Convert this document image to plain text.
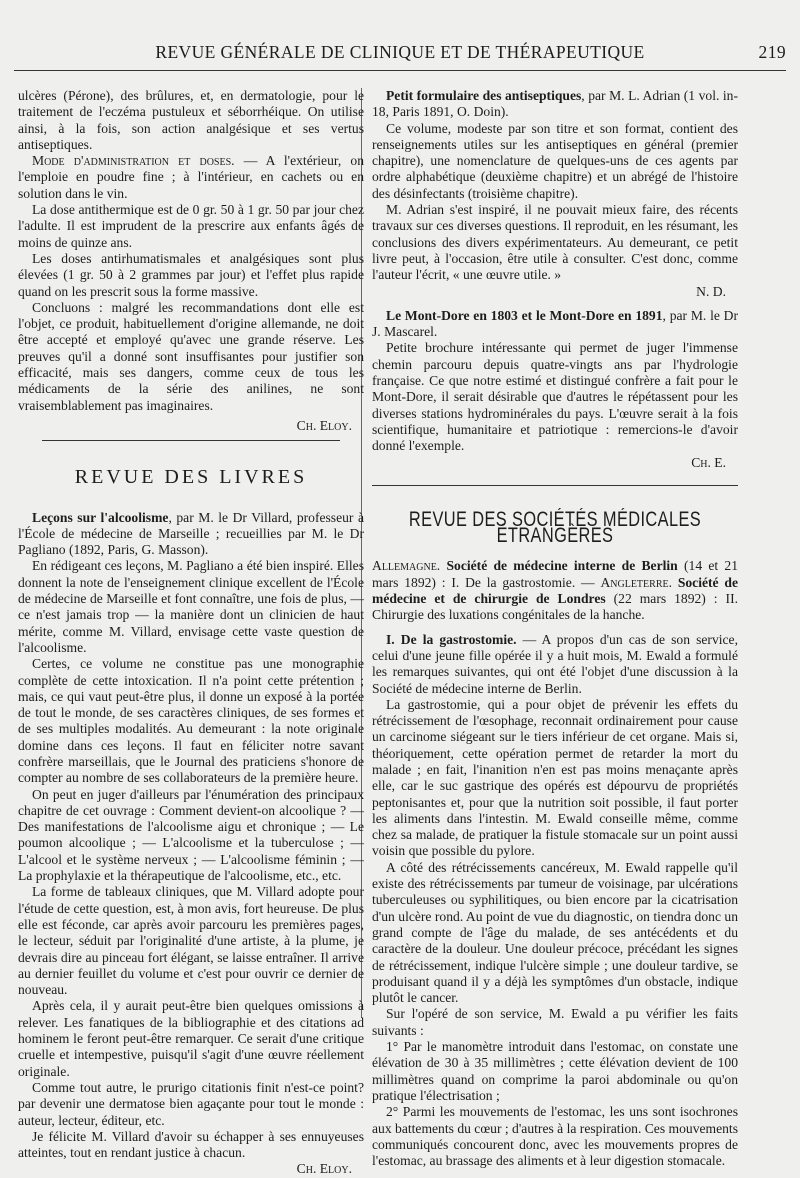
REVUE GÉNÉRALE DE CLINIQUE ET DE THÉRAPEUTIQUE	219

ulcères (Pérone), des brûlures, et, en dermatologie, pour le traitement de l'eczéma pustuleux et séborrhéique. On utilise ainsi, à la fois, son action analgésique et ses vertus antiseptiques.

Mode d'administration et doses. — A l'extérieur, on l'emploie en poudre fine ; à l'intérieur, en cachets ou en solution dans le vin.

La dose antithermique est de 0 gr. 50 à 1 gr. 50 par jour chez l'adulte. Il est imprudent de la prescrire aux enfants âgés de moins de quinze ans.

Les doses antirhumatismales et analgésiques sont plus élevées (1 gr. 50 à 2 grammes par jour) et l'effet plus rapide quand on les prescrit sous la forme massive.

Concluons : malgré les recommandations dont elle est l'objet, ce produit, habituellement d'origine allemande, ne doit être accepté et employé qu'avec une grande réserve. Les preuves qu'il a donné sont insuffisantes pour justifier son efficacité, mais ses dangers, comme ceux de tous les médicaments de la série des anilines, ne sont vraisemblablement pas imaginaires.

Ch. Eloy.
REVUE DES LIVRES

Leçons sur l'alcoolisme, par M. le Dr Villard, professeur à l'École de médecine de Marseille ; recueillies par M. le Dr Pagliano (1892, Paris, G. Masson).

En rédigeant ces leçons, M. Pagliano a été bien inspiré. Elles donnent la note de l'enseignement clinique excellent de l'École de médecine de Marseille et font connaître, une fois de plus, — ce n'est jamais trop — la manière dont un clinicien de haut mérite, comme M. Villard, envisage cette vaste question de l'alcoolisme.

Certes, ce volume ne constitue pas une monographie complète de cette intoxication. Il n'a point cette prétention ; mais, ce qui vaut peut-être plus, il donne un exposé à la portée de tout le monde, de ses caractères cliniques, de ses formes et de ses multiples modalités. Au demeurant : la note originale domine dans ces leçons. Il faut en féliciter notre savant confrère marseillais, que le Journal des praticiens s'honore de compter au nombre de ses collaborateurs de la première heure.

On peut en juger d'ailleurs par l'énumération des principaux chapitre de cet ouvrage : Comment devient-on alcoolique ? — Des manifestations de l'alcoolisme aigu et chronique ; — Le poumon alcoolique ; — L'alcoolisme et la tuberculose ; — L'alcool et le système nerveux ; — L'alcoolisme féminin ; — La prophylaxie et la thérapeutique de l'alcoolisme, etc., etc.

La forme de tableaux cliniques, que M. Villard adopte pour l'étude de cette question, est, à mon avis, fort heureuse. De plus elle est féconde, car après avoir parcouru les premières pages, le lecteur, séduit par l'originalité d'une artiste, à la plume, je devrais dire au pinceau fort élégant, se laisse entraîner. Il arrive au dernier feuillet du volume et c'est pour ouvrir ce dernier de nouveau.

Après cela, il y aurait peut-être bien quelques omissions à relever. Les fanatiques de la bibliographie et des citations ad hominem le feront peut-être remarquer. Ce serait d'une critique cruelle et intempestive, puisqu'il s'agit d'une œuvre réellement originale.

Comme tout autre, le prurigo citationis finit n'est-ce point? par devenir une dermatose bien agaçante pour tout le monde : auteur, lecteur, éditeur, etc.

Je félicite M. Villard d'avoir su échapper à ses ennuyeuses atteintes, tout en rendant justice à chacun.

Ch. Eloy.

Petit formulaire des antiseptiques, par M. L. Adrian (1 vol. in-18, Paris 1891, O. Doin).

Ce volume, modeste par son titre et son format, contient des renseignements utiles sur les antiseptiques en général (premier chapitre), une nomenclature de quelques-uns de ces agents par ordre alphabétique (deuxième chapitre) et un abrégé de l'histoire des désinfectants (troisième chapitre).

M. Adrian s'est inspiré, il ne pouvait mieux faire, des récents travaux sur ces diverses questions. Il reproduit, en les résumant, les conclusions des divers expérimentateurs. Au demeurant, ce petit livre peut, à l'occasion, être utile à consulter. C'est donc, comme l'auteur l'écrit, « une œuvre utile. »

N. D.

Le Mont-Dore en 1803 et le Mont-Dore en 1891, par M. le Dr J. Mascarel.

Petite brochure intéressante qui permet de juger l'immense chemin parcouru depuis quatre-vingts ans par l'hydrologie française. Ce que notre estimé et distingué confrère a fait pour le Mont-Dore, il serait désirable que d'autres le répétassent pour les diverses stations hydrominérales du pays. L'œuvre serait à la fois scientifique, humanitaire et patriotique : remercions-le d'avoir donné l'exemple.

Ch. E.
REVUE DES SOCIÉTÉS MÉDICALES ÉTRANGÈRES

Allemagne. Société de médecine interne de Berlin (14 et 21 mars 1892) : I. De la gastrostomie. — Angleterre. Société de médecine et de chirurgie de Londres (22 mars 1892) : II. Chirurgie des luxations congénitales de la hanche.

I. De la gastrostomie. — A propos d'un cas de son service, celui d'une jeune fille opérée il y a huit mois, M. Ewald a formulé les remarques suivantes, qui ont été l'objet d'une discussion à la Société de médecine interne de Berlin.

La gastrostomie, qui a pour objet de prévenir les effets du rétrécissement de l'œsophage, reconnait ordinairement pour cause un carcinome siégeant sur le tiers inférieur de cet organe. Mais si, théoriquement, cette opération permet de retarder la mort du malade ; en fait, l'inanition n'en est pas moins menaçante après elle, car le suc gastrique des opérés est dépourvu de propriétés peptonisantes et, pour que la nutrition soit possible, il faut porter les aliments dans l'intestin. M. Ewald conseille même, comme chez sa malade, de pratiquer la fistule stomacale sur un point aussi voisin que possible du pylore.

A côté des rétrécissements cancéreux, M. Ewald rappelle qu'il existe des rétrécissements par tumeur de voisinage, par ulcérations tuberculeuses ou syphilitiques, ou bien encore par la cicatrisation d'un ulcère rond. Au point de vue du diagnostic, on tiendra donc un grand compte de l'âge du malade, de ses antécédents et du caractère de la douleur. Une douleur précoce, précédant les signes de rétrécissement, indique l'ulcère simple ; une douleur tardive, se produisant quand il y a déjà les symptômes d'un obstacle, indique plutôt le cancer.

Sur l'opéré de son service, M. Ewald a pu vérifier les faits suivants :

1° Par le manomètre introduit dans l'estomac, on constate une élévation de 30 à 35 millimètres ; cette élévation devient de 100 millimètres quand on comprime la paroi abdominale ou qu'on pratique l'électrisation ;

2° Parmi les mouvements de l'estomac, les uns sont isochrones aux battements du cœur ; d'autres à la respiration. Ces mouvements communiqués concourent donc, avec les mouvements propres de l'estomac, au brassage des aliments et à leur digestion stomacale.
